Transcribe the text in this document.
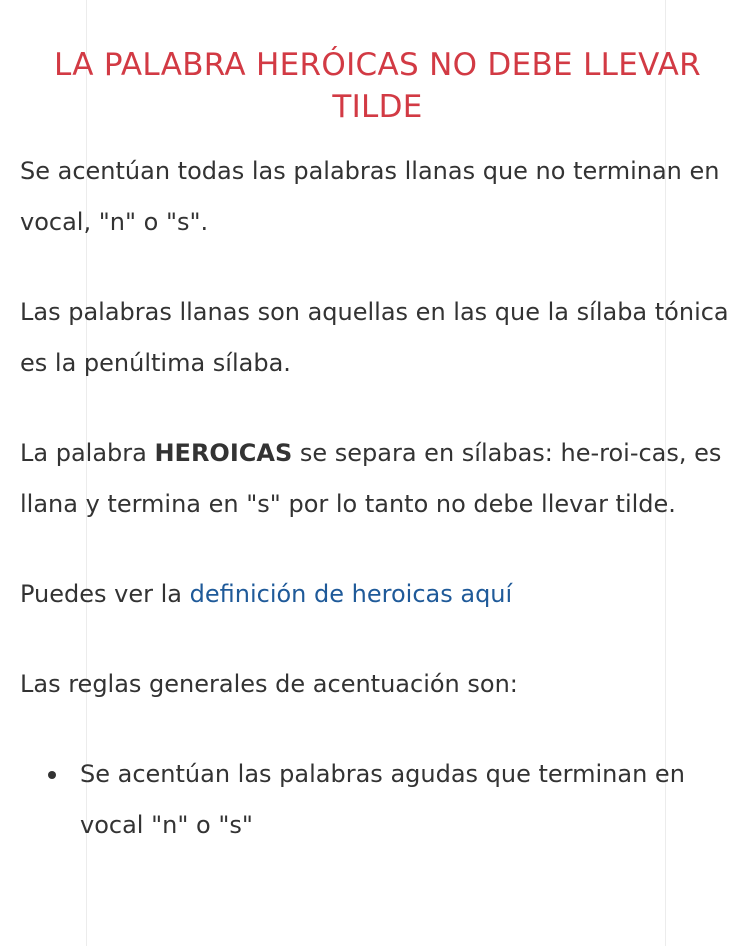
LA PALABRA HERÓICAS NO DEBE LLEVAR TILDE

Se acentúan todas las palabras llanas que no terminan en vocal, "n" o "s".

Las palabras llanas son aquellas en las que la sílaba tónica es la penúltima sílaba.

La palabra HEROICAS se separa en sílabas: he-roi-cas, es llana y termina en "s" por lo tanto no debe llevar tilde.

Puedes ver la definición de heroicas aquí

Las reglas generales de acentuación son:

Se acentúan las palabras agudas que terminan en vocal "n" o "s"
